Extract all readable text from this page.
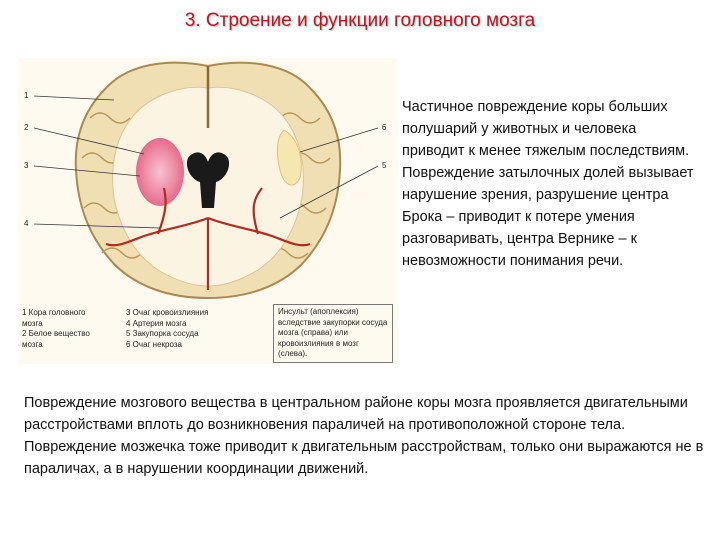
3. Строение и функции головного мозга
1
2
3
4
6
5
1 Кора головного
мозга
2 Белое вещество
мозга
3 Очаг кровоизлияния
4 Артерия мозга
5 Закупорка сосуда
6 Очаг некроза
Инсульт (апоплексия) вследствие закупорки сосуда мозга (справа) или кровоизлияния в мозг (слева).
Частичное повреждение коры больших полушарий у животных и человека приводит к менее тяжелым последствиям. Повреждение затылочных долей вызывает нарушение зрения, разрушение центра Брока – приводит к потере умения разговаривать, центра Вернике – к невозможности понимания речи.
Повреждение мозгового вещества в центральном районе коры мозга проявляется двигательными расстройствами вплоть до возникновения параличей на противоположной стороне тела. Повреждение мозжечка тоже приводит к двигательным расстройствам, только они выражаются не в параличах, а в нарушении координации движений.
